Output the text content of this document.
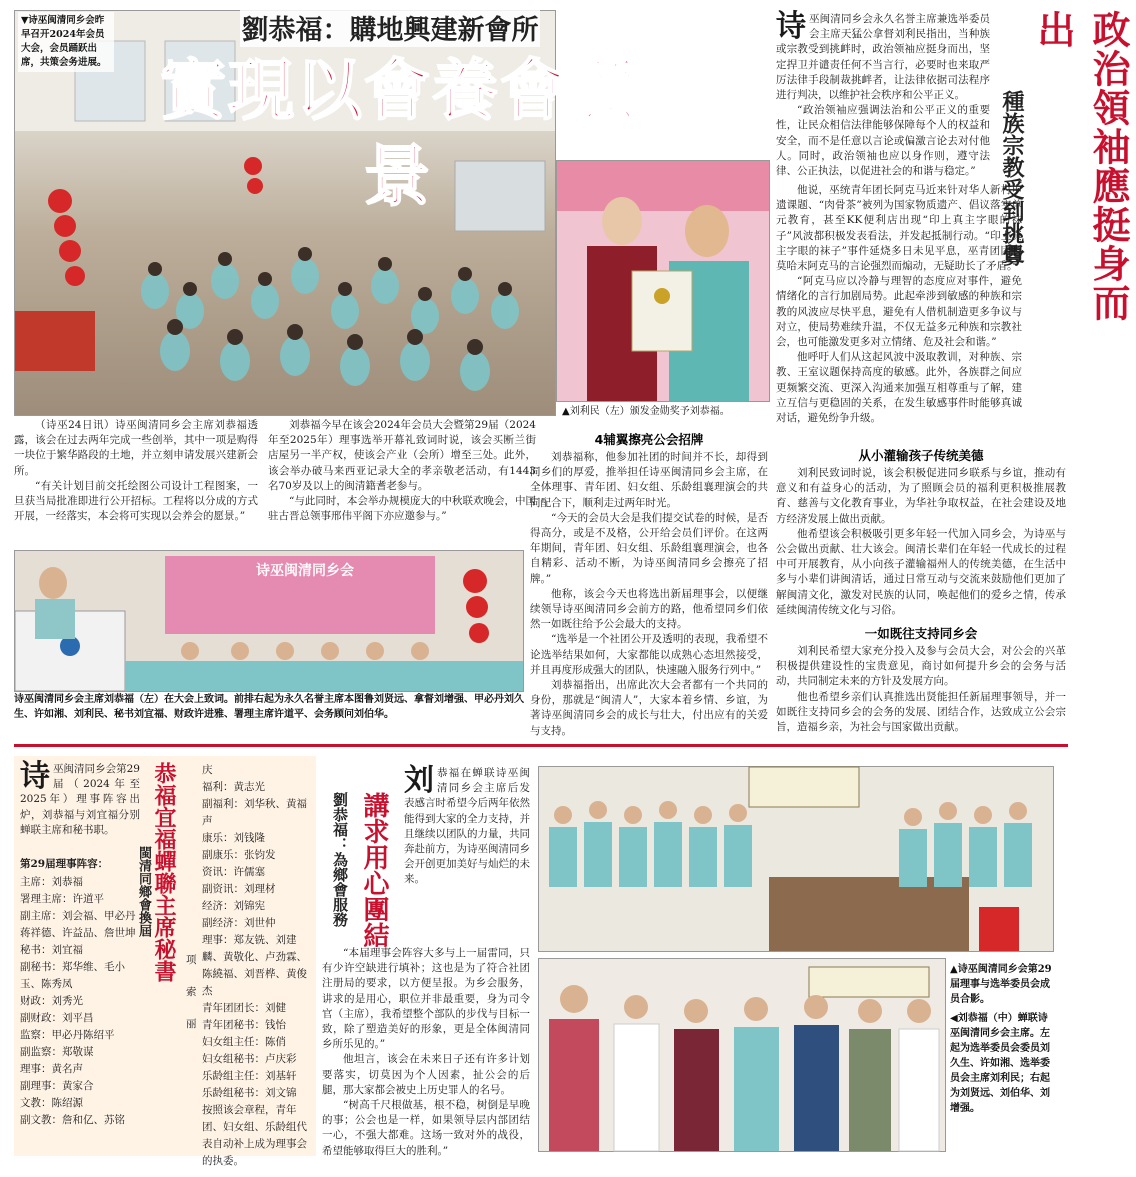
▼诗巫闽清同乡会昨早召开2024年会员大会，会员踊跃出席，共策会务进展。
劉恭福：購地興建新會所
實現以會養會願景
▲刘利民（左）颁发金勋奖予刘恭福。
政治領袖應挺身而出
種族宗教受到挑釁
诗 巫闽清同乡会永久名誉主席兼选举委员会主席天猛公拿督刘利民指出，当种族或宗教受到挑衅时，政治领袖应挺身而出，坚定捍卫并谴责任何不当言行，必要时也来取严厉法律手段制裁挑衅者，让法律依据司法程序进行判决，以维护社会秩序和公平正义。

“政治领袖应强调法治和公平正义的重要性，让民众相信法律能够保障每个人的权益和安全，而不是任意以言论或偏激言论去对付他人。同时，政治领袖也应以身作则，遵守法律、公正执法，以促进社会的和谐与稳定。”

他说，巫统青年团长阿克马近来针对华人新村申遗课题、“肉骨茶”被列为国家物质遗产、倡议落实单元教育，甚至KK便利店出现“印上真主字眼的袜子”风波都积极发表看法，并发起抵制行动。“印上真主字眼的袜子”事件延烧多日未见平息，巫青团团长莫哈末阿克马的言论强烈而煽动，无疑助长了矛盾。

“阿克马应以冷静与理智的态度应对事件，避免情绪化的言行加剧局势。此起牵涉到敏感的种族和宗教的风波应尽快平息，避免有人借机制造更多争议与对立，使局势难续升温，不仅无益多元种族和宗教社会，也可能激发更多对立情绪、危及社会和谐。”

他呼吁人们从这起风波中汲取教训，对种族、宗教、王室议题保持高度的敏感。此外，各族群之间应更频繁交流、更深入沟通来加强互相尊重与了解，建立互信与更稳固的关系，在发生敏感事件时能够真诚对话，避免纷争升级。

从小灌输孩子传统美德

刘利民致词时说，该会积极促进同乡联系与乡谊，推动有意义和有益身心的活动，为了照顾会员的福利更积极推展教育、慈善与文化教育事业，为华社争取权益，在社会建设及地方经济发展上做出贡献。

他希望该会积极吸引更多年轻一代加入同乡会，为诗巫与公会做出贡献、壮大该会。闽清长辈们在年轻一代成长的过程中可开展教育，从小向孩子灌输福州人的传统美德，在生活中多与小辈们讲闽清话，通过日常互动与交流来鼓励他们更加了解闽清文化，激发对民族的认同，唤起他们的爱乡之情，传承延续闽清传统文化与习俗。

一如既往支持同乡会

刘利民希望大家充分投入及参与会员大会，对公会的兴革积极提供建设性的宝贵意见，商讨如何提升乡会的会务与活动，共同制定未来的方针及发展方向。

他也希望乡亲们认真推选出贤能担任新届理事领导，并一如既往支持同乡会的会务的发展、团结合作，达致成立公会宗旨，造福乡亲，为社会与国家做出贡献。

（诗巫24日讯）诗巫闽清同乡会主席刘恭福透露，该会在过去两年完成一些创举，其中一项是购得一块位于繁华路段的土地，并立刻申请发展兴建新会所。

“有关计划目前交托绘图公司设计工程图案，一旦获当局批准即进行公开招标。工程将以分成的方式开展，一经落实，本会将可实现以会养会的愿景。”

刘恭福今早在该会2024年会员大会暨第29届（2024年至2025年）理事选举开幕礼致词时说，该会买断兰街店屋另一半产权，使该会产业（会所）增至三处。此外，该会举办破马来西亚记录大全的孝亲敬老活动，有1443名70岁及以上的闽清籍耆老参与。

“与此同时，本会举办规模庞大的中秋联欢晚会，中国驻古晋总领事邢伟平阁下亦应邀参与。”

4辅翼擦亮公会招牌

刘恭福称，他参加社团的时间并不长，却得到同乡们的厚爱，推举担任诗巫闽清同乡会主席，在全体理事、青年团、妇女组、乐龄组襄理演会的共同配合下，顺利走过两年时光。

“今天的会员大会是我们提交试卷的时候，是否得高分，或是不及格，公开给会员们评价。在这两年期间，青年团、妇女组、乐龄组襄理演会，也各自精彩、活动不断，为诗巫闽清同乡会擦亮了招牌。”

他称，该会今天也将选出新届理事会，以便继续领导诗巫闽清同乡会前方的路，他希望同乡们依然一如既往给予公会最大的支持。

“选举是一个社团公开及透明的表现，我希望不论选举结果如何，大家都能以成熟心态坦然接受，并且再度形成强大的团队，快速融入服务行列中。”

刘恭福指出，出席此次大会者都有一个共同的身份，那就是“闽清人”，大家本着乡情、乡谊，为著诗巫闽清同乡会的成长与壮大，付出应有的关爱与支持。

诗巫闽清同乡会
诗巫闽清同乡会主席刘恭福（左）在大会上致词。前排右起为永久名誉主席本图鲁刘贤远、拿督刘增强、甲必丹刘久生、许如湘、刘利民、秘书刘宜福、财政许进雅、署理主席许道平、会务顾问刘伯华。
诗 巫闽清同乡会第29届（2024年至2025年）理事阵容出炉，刘恭福与刘宜福分别蝉联主席和秘书职。
第29届理事阵容：
主席：刘恭福
署理主席：许道平
副主席：刘会福、甲必丹蒋祥德、许益品、詹世坤
秘书：刘宜福
副秘书：郑华维、毛小玉、陈秀凤
财政：刘秀光
副财政：刘平昌
监察：甲必丹陈绍平
副监察：郑敬谋
理事：黄名声
副理事：黄家合
文教：陈绍源
副文教：詹和亿、苏铭
恭福宜福蟬聯主席秘書
閩清同鄉會換屆
项
索
丽
庆
福利：黄志光
副福利：刘华秋、黄福声
康乐：刘钱隆
副康乐：张钧发
资讯：许儒塞
副资讯：刘理材
经济：刘锦宪
副经济：刘世仲
理事：郑友铣、刘建麟、黄敬化、卢劲霖、陈繞福、刘晋桦、黄俊杰
青年团团长：刘健
青年团秘书：钱怡
妇女组主任：陈俏
妇女组秘书：卢庆彩
乐龄组主任：刘基轩
乐龄组秘书：刘文锦
按照该会章程，青年团、妇女组、乐龄组代表自动补上成为理事会的执委。
講求用心團結
劉恭福：為鄉會服務
刘 恭福在蝉联诗巫闽清同乡会主席后发表感言时希望今后两年依然能得到大家的全力支持，并且继续以团队的力量，共同奔赴前方，为诗巫闽清同乡会开创更加美好与灿烂的未来。

“本届理事会阵容大多与上一届雷同，只有少许空缺进行填补；这也是为了符合社团注册局的要求，以方便呈报。为乡会服务，讲求的是用心，职位并非最重要，身为司令官（主席），我希望整个部队的步伐与目标一致，除了塑造美好的形象，更是全体闽清同乡所乐见的。”

他坦言，该会在未来日子还有许多计划要落实，切莫因为个人因素，扯公会的后腿，那大家都会被史上历史罪人的名号。

“树高千尺根做基，根不稳，树倒是早晚的事；公会也是一样，如果领导层内部团结一心，不强大都难。这场一致对外的战役，希望能够取得巨大的胜利。”

▲诗巫闽清同乡会第29届理事与选举委员会成员合影。
◀刘恭福（中）蝉联诗巫闽清同乡会主席。左起为选举委员会委员刘久生、许如湘、选举委员会主席刘利民；右起为刘贤远、刘伯华、刘增强。
